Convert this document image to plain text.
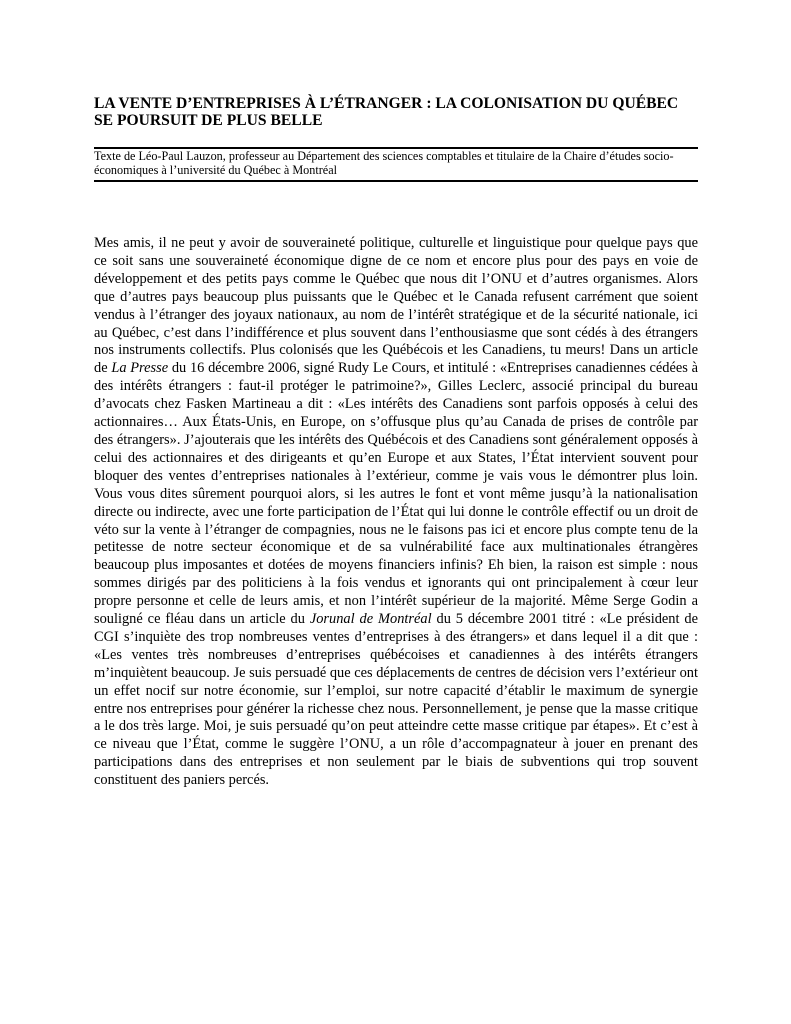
LA VENTE D’ENTREPRISES À L’ÉTRANGER : LA COLONISATION DU QUÉBEC
SE POURSUIT DE PLUS BELLE

Texte de Léo-Paul Lauzon, professeur au Département des sciences comptables et titulaire de la Chaire d’études socio-économiques à l’université du Québec à Montréal

Mes amis, il ne peut y avoir de souveraineté politique, culturelle et linguistique pour quelque pays que ce soit sans une souveraineté économique digne de ce nom et encore plus pour des pays en voie de développement et des petits pays comme le Québec que nous dit l’ONU et d’autres organismes. Alors que d’autres pays beaucoup plus puissants que le Québec et le Canada refusent carrément que soient vendus à l’étranger des joyaux nationaux, au nom de l’intérêt stratégique et de la sécurité nationale, ici au Québec, c’est dans l’indifférence et plus souvent dans l’enthousiasme que sont cédés à des étrangers nos instruments collectifs. Plus colonisés que les Québécois et les Canadiens, tu meurs! Dans un article de La Presse du 16 décembre 2006, signé Rudy Le Cours, et intitulé : «Entreprises canadiennes cédées à des intérêts étrangers : faut-il protéger le patrimoine?», Gilles Leclerc, associé principal du bureau d’avocats chez Fasken Martineau a dit : «Les intérêts des Canadiens sont parfois opposés à celui des actionnaires… Aux États-Unis, en Europe, on s’offusque plus qu’au Canada de prises de contrôle par des étrangers». J’ajouterais que les intérêts des Québécois et des Canadiens sont généralement opposés à celui des actionnaires et des dirigeants et qu’en Europe et aux States, l’État intervient souvent pour bloquer des ventes d’entreprises nationales à l’extérieur, comme je vais vous le démontrer plus loin. Vous vous dites sûrement pourquoi alors, si les autres le font et vont même jusqu’à la nationalisation directe ou indirecte, avec une forte participation de l’État qui lui donne le contrôle effectif ou un droit de véto sur la vente à l’étranger de compagnies, nous ne le faisons pas ici et encore plus compte tenu de la petitesse de notre secteur économique et de sa vulnérabilité face aux multinationales étrangères beaucoup plus imposantes et dotées de moyens financiers infinis? Eh bien, la raison est simple : nous sommes dirigés par des politiciens à la fois vendus et ignorants qui ont principalement à cœur leur propre personne et celle de leurs amis, et non l’intérêt supérieur de la majorité. Même Serge Godin a souligné ce fléau dans un article du Jorunal de Montréal du 5 décembre 2001 titré : «Le président de CGI s’inquiète des trop nombreuses ventes d’entreprises à des étrangers» et dans lequel il a dit que : «Les ventes très nombreuses d’entreprises québécoises et canadiennes à des intérêts étrangers m’inquiètent beaucoup. Je suis persuadé que ces déplacements de centres de décision vers l’extérieur ont un effet nocif sur notre économie, sur l’emploi, sur notre capacité d’établir le maximum de synergie entre nos entreprises pour générer la richesse chez nous. Personnellement, je pense que la masse critique a le dos très large. Moi, je suis persuadé qu’on peut atteindre cette masse critique par étapes». Et c’est à ce niveau que l’État, comme le suggère l’ONU, a un rôle d’accompagnateur à jouer en prenant des participations dans des entreprises et non seulement par le biais de subventions qui trop souvent constituent des paniers percés.
